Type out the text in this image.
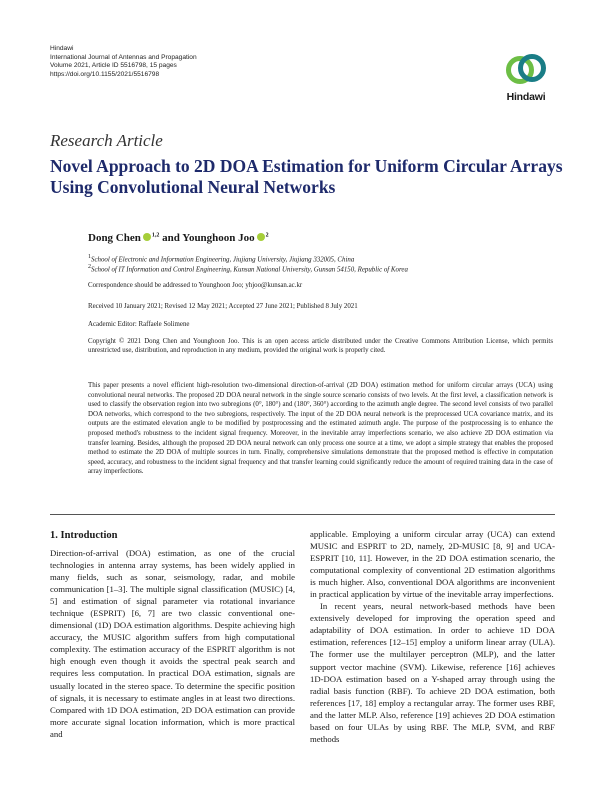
Hindawi
International Journal of Antennas and Propagation
Volume 2021, Article ID 5516798, 15 pages
https://doi.org/10.1155/2021/5516798
Hindawi
Research Article
Novel Approach to 2D DOA Estimation for Uniform Circular Arrays Using Convolutional Neural Networks
Dong Chen $^{1,2}$ and Younghoon Joo $^2$
$^1$School of Electronic and Information Engineering, Jiujiang University, Jiujiang 332005, China
$^2$School of IT Information and Control Engineering, Kunsan National University, Gunsan 54150, Republic of Korea
Correspondence should be addressed to Younghoon Joo; yhjoo@kunsan.ac.kr
Received 10 January 2021; Revised 12 May 2021; Accepted 27 June 2021; Published 8 July 2021
Academic Editor: Raffaele Solimene
Copyright © 2021 Dong Chen and Younghoon Joo. This is an open access article distributed under the Creative Commons Attribution License, which permits unrestricted use, distribution, and reproduction in any medium, provided the original work is properly cited.
This paper presents a novel efficient high-resolution two-dimensional direction-of-arrival (2D DOA) estimation method for uniform circular arrays (UCA) using convolutional neural networks. The proposed 2D DOA neural network in the single source scenario consists of two levels. At the first level, a classification network is used to classify the observation region into two subregions (0°, 180°) and (180°, 360°) according to the azimuth angle degree. The second level consists of two parallel DOA networks, which correspond to the two subregions, respectively. The input of the 2D DOA neural network is the preprocessed UCA covariance matrix, and its outputs are the estimated elevation angle to be modified by postprocessing and the estimated azimuth angle. The purpose of the postprocessing is to enhance the proposed method's robustness to the incident signal frequency. Moreover, in the inevitable array imperfections scenario, we also achieve 2D DOA estimation via transfer learning. Besides, although the proposed 2D DOA neural network can only process one source at a time, we adopt a simple strategy that enables the proposed method to estimate the 2D DOA of multiple sources in turn. Finally, comprehensive simulations demonstrate that the proposed method is effective in computation speed, accuracy, and robustness to the incident signal frequency and that transfer learning could significantly reduce the amount of required training data in the case of array imperfections.
1. Introduction

Direction-of-arrival (DOA) estimation, as one of the crucial technologies in antenna array systems, has been widely applied in many fields, such as sonar, seismology, radar, and mobile communication [1–3]. The multiple signal classification (MUSIC) [4, 5] and estimation of signal parameter via rotational invariance technique (ESPRIT) [6, 7] are two classic conventional one-dimensional (1D) DOA estimation algorithms. Despite achieving high accuracy, the MUSIC algorithm suffers from high computational complexity. The estimation accuracy of the ESPRIT algorithm is not high enough even though it avoids the spectral peak search and requires less computation. In practical DOA estimation, signals are usually located in the stereo space. To determine the specific position of signals, it is necessary to estimate angles in at least two directions. Compared with 1D DOA estimation, 2D DOA estimation can provide more accurate signal location information, which is more practical and

applicable. Employing a uniform circular array (UCA) can extend MUSIC and ESPRIT to 2D, namely, 2D-MUSIC [8, 9] and UCA-ESPRIT [10, 11]. However, in the 2D DOA estimation scenario, the computational complexity of conventional 2D estimation algorithms is much higher. Also, conventional DOA algorithms are inconvenient in practical application by virtue of the inevitable array imperfections.

In recent years, neural network-based methods have been extensively developed for improving the operation speed and adaptability of DOA estimation. In order to achieve 1D DOA estimation, references [12–15] employ a uniform linear array (ULA). The former use the multilayer perceptron (MLP), and the latter support vector machine (SVM). Likewise, reference [16] achieves 1D-DOA estimation based on a Y-shaped array through using the radial basis function (RBF). To achieve 2D DOA estimation, both references [17, 18] employ a rectangular array. The former uses RBF, and the latter MLP. Also, reference [19] achieves 2D DOA estimation based on four ULAs by using RBF. The MLP, SVM, and RBF methods
